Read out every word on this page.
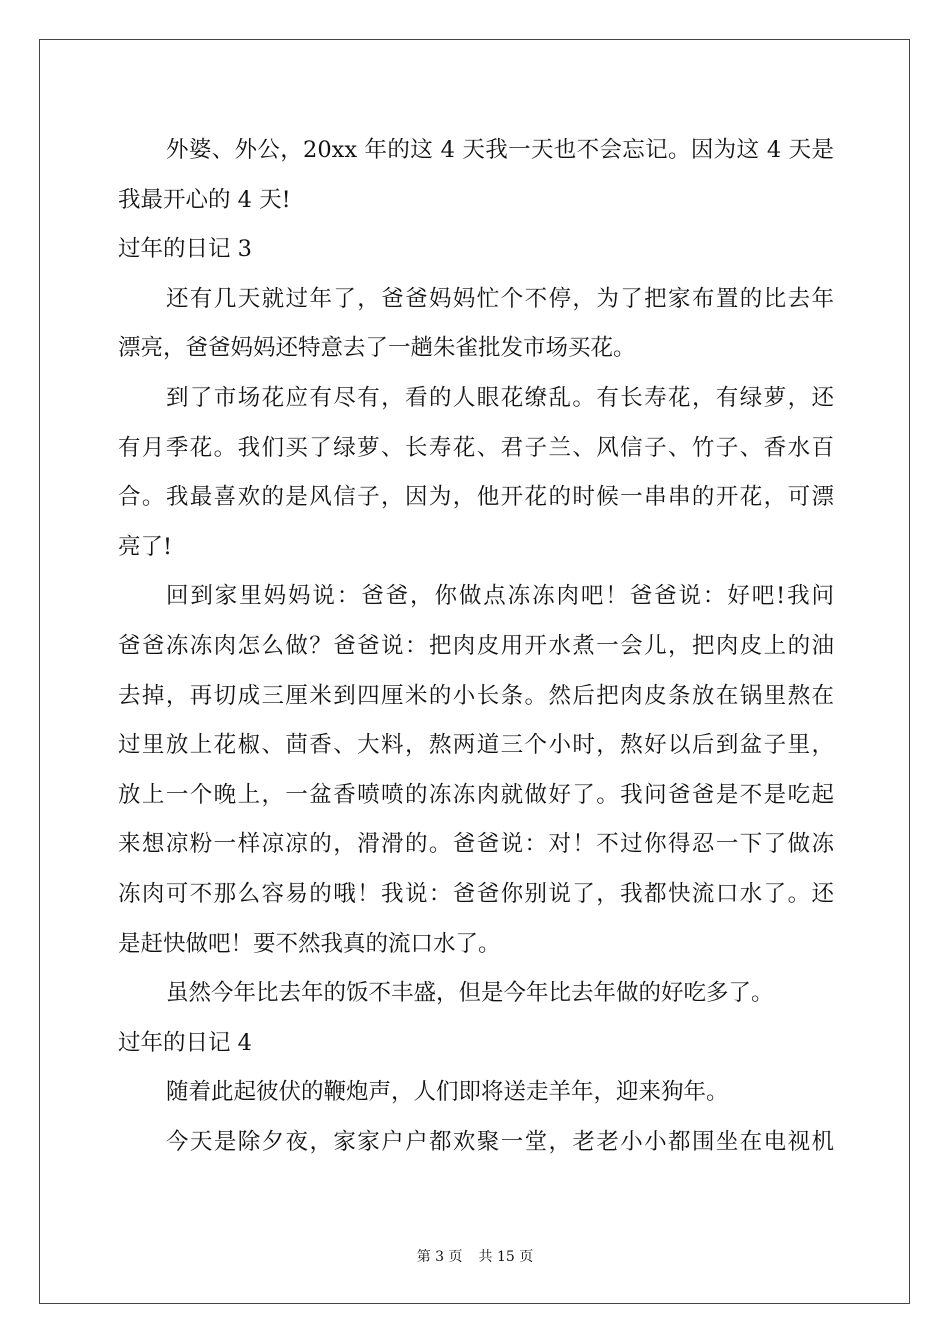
外婆、外公，20xx 年的这 4 天我一天也不会忘记。因为这 4 天是
我最开心的 4 天!
过年的日记 3
还有几天就过年了，爸爸妈妈忙个不停，为了把家布置的比去年
漂亮，爸爸妈妈还特意去了一趟朱雀批发市场买花。
到了市场花应有尽有，看的人眼花缭乱。有长寿花，有绿萝，还
有月季花。我们买了绿萝、长寿花、君子兰、风信子、竹子、香水百
合。我最喜欢的是风信子，因为，他开花的时候一串串的开花，可漂
亮了!
回到家里妈妈说：爸爸，你做点冻冻肉吧！爸爸说：好吧!我问
爸爸冻冻肉怎么做？爸爸说：把肉皮用开水煮一会儿，把肉皮上的油
去掉，再切成三厘米到四厘米的小长条。然后把肉皮条放在锅里熬在
过里放上花椒、茴香、大料，熬两道三个小时，熬好以后到盆子里，
放上一个晚上，一盆香喷喷的冻冻肉就做好了。我问爸爸是不是吃起
来想凉粉一样凉凉的，滑滑的。爸爸说：对！不过你得忍一下了做冻
冻肉可不那么容易的哦！我说：爸爸你别说了，我都快流口水了。还
是赶快做吧！要不然我真的流口水了。
虽然今年比去年的饭不丰盛，但是今年比去年做的好吃多了。
过年的日记 4
随着此起彼伏的鞭炮声，人们即将送走羊年，迎来狗年。
今天是除夕夜，家家户户都欢聚一堂，老老小小都围坐在电视机
第 3 页 共 15 页
